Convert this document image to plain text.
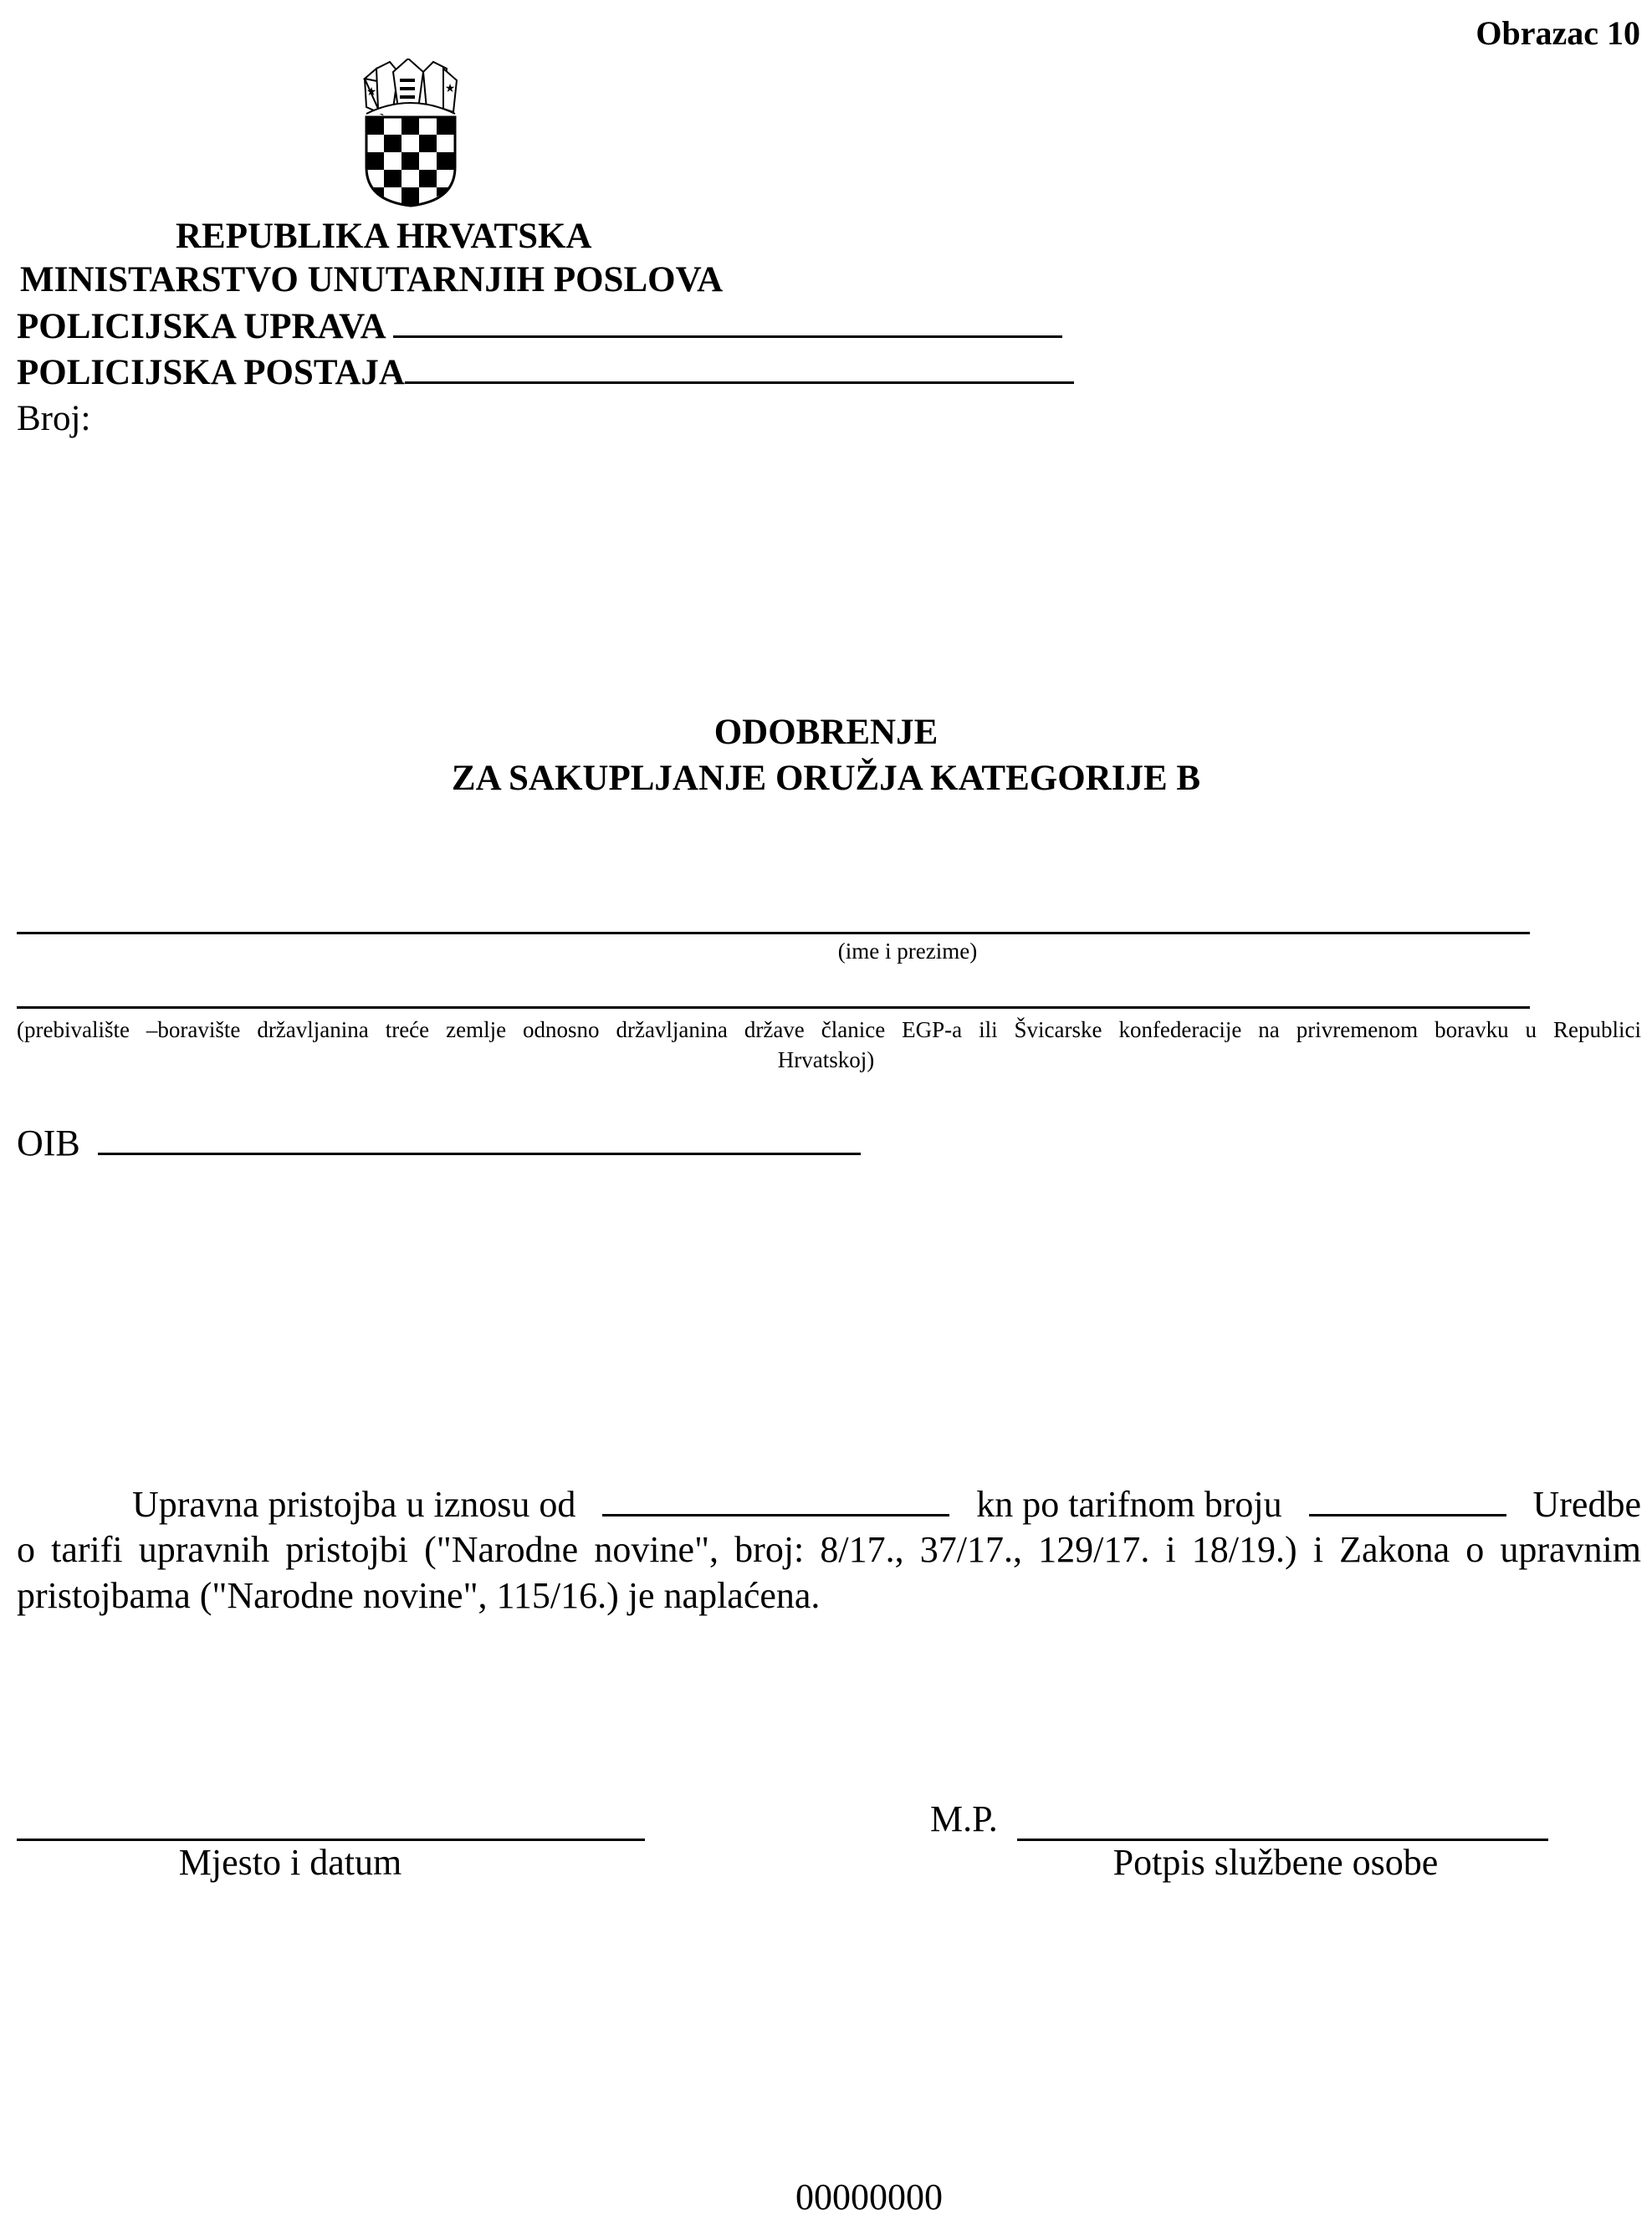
Obrazac 10
★	★
REPUBLIKA HRVATSKA
MINISTARSTVO UNUTARNJIH POSLOVA
POLICIJSKA UPRAVA
POLICIJSKA POSTAJA
Broj:
ODOBRENJE
ZA SAKUPLJANJE ORUŽJA KATEGORIJE B
(ime i prezime)
(prebivalište –boravište državljanina treće zemlje odnosno državljanina države članice EGP-a ili Švicarske konfederacije na privremenom boravku u Republici
Hrvatskoj)
OIB
Upravna pristojba u iznosu od	kn po tarifnom broju	Uredbe
o tarifi upravnih pristojbi ("Narodne novine", broj: 8/17., 37/17., 129/17. i 18/19.) i Zakona o upravnim
pristojbama ("Narodne novine", 115/16.) je naplaćena.
Mjesto i datum
M.P.
Potpis službene osobe
00000000
